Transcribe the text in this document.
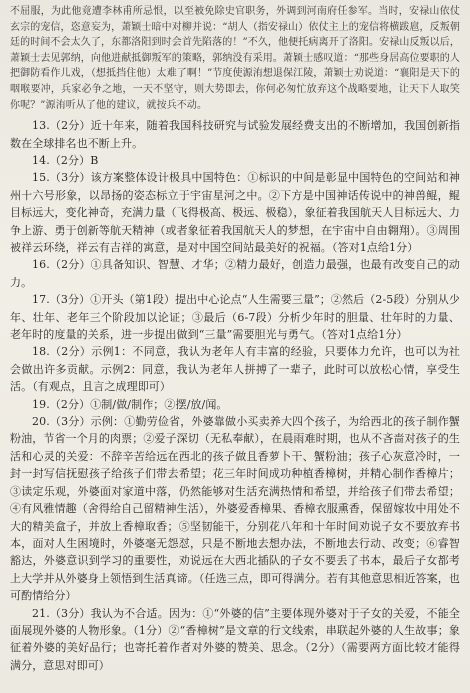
不屈服，为此他竟遭李林甫所忌恨，以至被免除史官职务，外调到河南府任参军。当时，安禄山依仗玄宗的宠信，恣意妄为，萧颖士暗中对柳并说：“胡人（指安禄山）依仗主上的宠信将横跋扈，反叛朝廷的时间不会太久了，东都洛阳到时会首先陷落的！”不久，他便托病离开了洛阳。安禄山反叛以后，萧颖士去见郭纳，向他进献抵御叛军的策略，郭纳没有采用。萧颖士感叹道：“那些身居高位要职的人把御防看作儿戏，（想抵挡住他）太难了啊！”节度使源洧想退保江陵，萧颖士劝说道：“襄阳是天下的咽喉要冲，兵家必争之地，一天不坚守，则大势即去，你何必匆忙放弃这个战略要地，让天下人取笑你呢？”源洧听从了他的建议，就按兵不动。

13.（2分）近十年来，随着我国科技研究与试验发展经费支出的不断增加，我国创新指数在全球排名也不断上升。

14.（2分）B

15.（3分）该方案整体设计极具中国特色：①标识的中间是彰显中国特色的空间站和神州十六号形象，以昂扬的姿态标立于宇宙星河之中。②下方是中国神话传说中的神兽鲲，鲲目标远大，变化神奇，充满力量（飞得极高、极远、极稳），象征着我国航天人目标远大、力争上游、勇于创新等航天精神（或者象征着我国航天人的梦想，在宇宙中自由翱翔）。③周围被祥云环绕，祥云有吉祥的寓意，是对中国空间站最美好的祝福。（答对1点给1分）

16.（2分）①具备知识、智慧、才华；②精力最好，创造力最强，也最有改变自己的动力。

17.（3分）①开头（第1段）提出中心论点“人生需要三量”；②然后（2-5段）分别从少年、壮年、老年三个阶段加以论证；③最后（6-7段）分析少年时的胆量、壮年时的力量、老年时的度量的关系，进一步提出做到“三量”需要胆光与勇气。（答对1点给1分）

18.（2分）示例1：不同意，我认为老年人有丰富的经验，只要体力允许，也可以为社会做出许多贡献。示例2：同意，我认为老年人拼搏了一辈子，此时可以放松心情，享受生活。（有观点，且言之成理即可）

19.（2分）①制/做/制作；②摆/放/闻。

20.（3分）示例：①勤劳俭省，外婆靠做小买卖养大四个孩子，为给西北的孩子制作蟹粉油，节省一个月的肉票；②爱子深切（无私奉献），在晨雨难时期，也从不吝啬对孩子的生活和心灵的关爱：不辞辛苦给远在西北的孩子做且香萝卜干、蟹粉油；孩子心灰意冷时，一封一封写信抚慰孩子给孩子们带去希望；花三年时间成功种植香樟树，并精心制作香樟片；③读定乐观，外婆面对家道中落，仍然能够对生活充满热情和希望，并给孩子们带去希望；④有风雅情趣（舍得给自己留精神生活），外婆爱香樟果、香樟衣服熏香，保留嫁妆中用处不大的精美盒子，并放上香樟取香；⑤坚韧能干，分别花八年和十年时间劝说子女不要放弃书本，面对人生困境时，外婆毫无怨怼，只是不断地去想办法，不断地去行动、改变；⑥睿智豁达，外婆意识到学习的重要性，劝说远在大西北插队的子女不要丢了书本，最后子女都考上大学并从外婆身上领悟到生活真谛。（任选三点，即可得满分。若有其他意思相近答案，也可酌情给分）

21.（3分）我认为不合适。因为：①“外婆的信”主要体现外婆对于子女的关爱，不能全面展现外婆的人物形象。（1分）②“香樟树”是文章的行文线索，串联起外婆的人生故事；象征着外婆的美好品行；也寄托着作者对外婆的赞美、思念。（2分）（需要两方面比较才能得满分，意思对即可）
